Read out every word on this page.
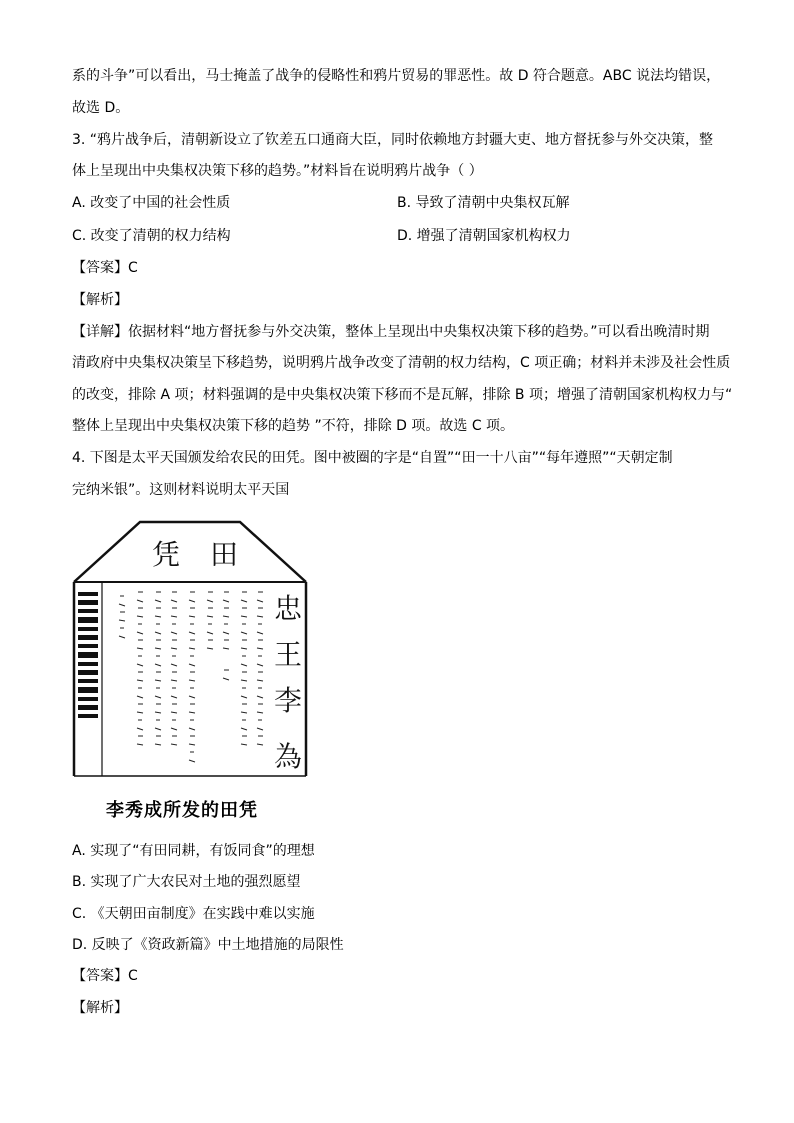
系的斗争”可以看出，马士掩盖了战争的侵略性和鸦片贸易的罪恶性。故 D 符合题意。ABC 说法均错误，
故选 D。
3. “鸦片战争后，清朝新设立了钦差五口通商大臣，同时依赖地方封疆大吏、地方督抚参与外交决策，整
体上呈现出中央集权决策下移的趋势。”材料旨在说明鸦片战争（ ）
A. 改变了中国的社会性质	B. 导致了清朝中央集权瓦解
C. 改变了清朝的权力结构	D. 增强了清朝国家机构权力
【答案】C
【解析】
【详解】依据材料“地方督抚参与外交决策，整体上呈现出中央集权决策下移的趋势。”可以看出晚清时期
清政府中央集权决策呈下移趋势，说明鸦片战争改变了清朝的权力结构，C 项正确；材料并未涉及社会性质
的改变，排除 A 项；材料强调的是中央集权决策下移而不是瓦解，排除 B 项；增强了清朝国家机构权力与“
整体上呈现出中央集权决策下移的趋势 ”不符，排除 D 项。故选 C 项。
4. 下图是太平天国颁发给农民的田凭。图中被圈的字是“自置”“田一十八亩”“每年遵照”“天朝定制
完纳米银”。这则材料说明太平天国
凭 田
忠
王
李
為
李秀成所发的田凭
A. 实现了“有田同耕，有饭同食”的理想
B. 实现了广大农民对土地的强烈愿望
C. 《天朝田亩制度》在实践中难以实施
D. 反映了《资政新篇》中土地措施的局限性
【答案】C
【解析】
